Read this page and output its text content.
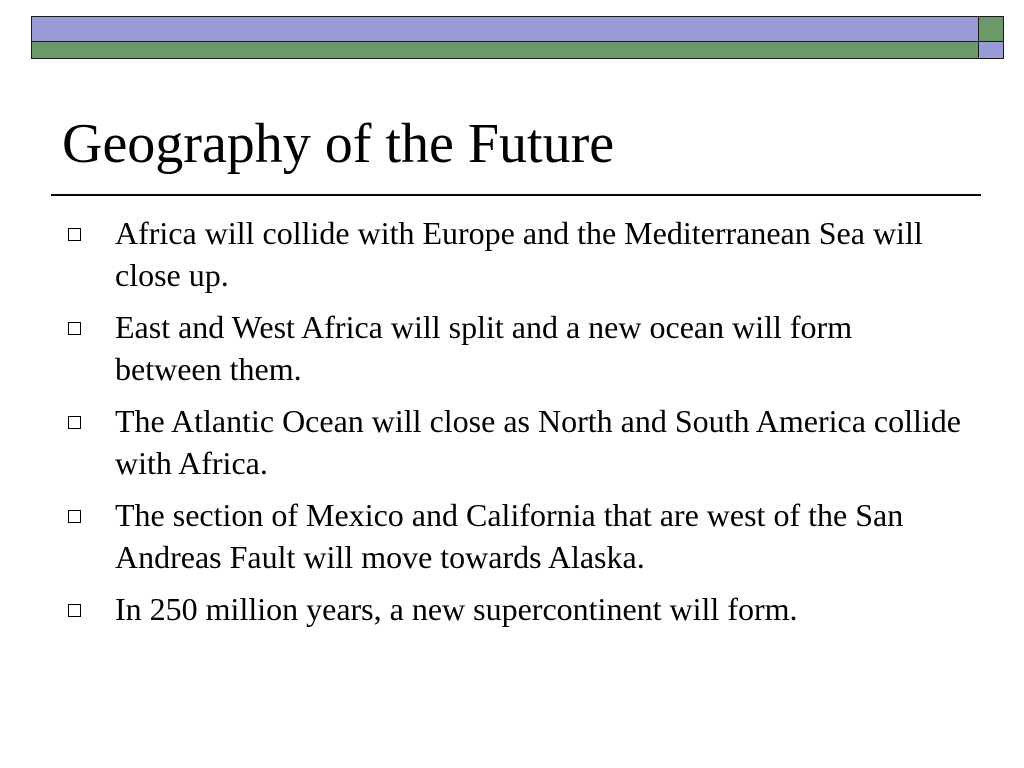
Geography of the Future
Africa will collide with Europe and the Mediterranean Sea will close up.
East and West Africa will split and a new ocean will form between them.
The Atlantic Ocean will close as North and South America collide with Africa.
The section of Mexico and California that are west of the San Andreas Fault will move towards Alaska.
In 250 million years, a new supercontinent will form.
